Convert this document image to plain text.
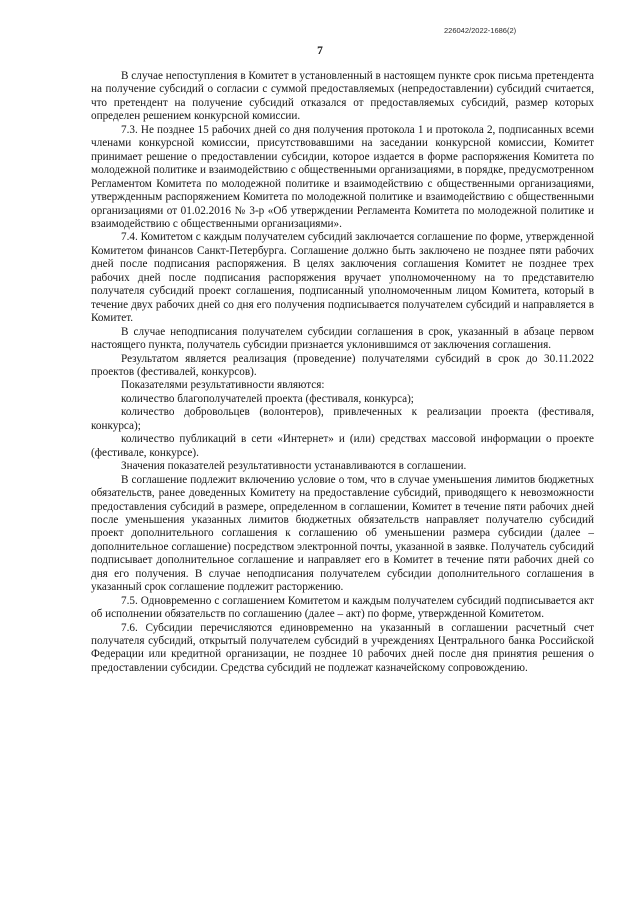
226042/2022-1686(2)
7

В случае непоступления в Комитет в установленный в настоящем пункте срок письма претендента на получение субсидий о согласии с суммой предоставляемых (непредоставлении) субсидий считается, что претендент на получение субсидий отказался от предоставляемых субсидий, размер которых определен решением конкурсной комиссии.

7.3. Не позднее 15 рабочих дней со дня получения протокола 1 и протокола 2, подписанных всеми членами конкурсной комиссии, присутствовавшими на заседании конкурсной комиссии, Комитет принимает решение о предоставлении субсидии, которое издается в форме распоряжения Комитета по молодежной политике и взаимодействию с общественными организациями, в порядке, предусмотренном Регламентом Комитета по молодежной политике и взаимодействию с общественными организациями, утвержденным распоряжением Комитета по молодежной политике и взаимодействию с общественными организациями от 01.02.2016 № 3-р «Об утверждении Регламента Комитета по молодежной политике и взаимодействию с общественными организациями».

7.4. Комитетом с каждым получателем субсидий заключается соглашение по форме, утвержденной Комитетом финансов Санкт-Петербурга. Соглашение должно быть заключено не позднее пяти рабочих дней после подписания распоряжения. В целях заключения соглашения Комитет не позднее трех рабочих дней после подписания распоряжения вручает уполномоченному на то представителю получателя субсидий проект соглашения, подписанный уполномоченным лицом Комитета, который в течение двух рабочих дней со дня его получения подписывается получателем субсидий и направляется в Комитет.

В случае неподписания получателем субсидии соглашения в срок, указанный в абзаце первом настоящего пункта, получатель субсидии признается уклонившимся от заключения соглашения.

Результатом является реализация (проведение) получателями субсидий в срок до 30.11.2022 проектов (фестивалей, конкурсов).

Показателями результативности являются:

количество благополучателей проекта (фестиваля, конкурса);

количество добровольцев (волонтеров), привлеченных к реализации проекта (фестиваля, конкурса);

количество публикаций в сети «Интернет» и (или) средствах массовой информации о проекте (фестивале, конкурсе).

Значения показателей результативности устанавливаются в соглашении.

В соглашение подлежит включению условие о том, что в случае уменьшения лимитов бюджетных обязательств, ранее доведенных Комитету на предоставление субсидий, приводящего к невозможности предоставления субсидий в размере, определенном в соглашении, Комитет в течение пяти рабочих дней после уменьшения указанных лимитов бюджетных обязательств направляет получателю субсидий проект дополнительного соглашения к соглашению об уменьшении размера субсидии (далее – дополнительное соглашение) посредством электронной почты, указанной в заявке. Получатель субсидий подписывает дополнительное соглашение и направляет его в Комитет в течение пяти рабочих дней со дня его получения. В случае неподписания получателем субсидии дополнительного соглашения в указанный срок соглашение подлежит расторжению.

7.5. Одновременно с соглашением Комитетом и каждым получателем субсидий подписывается акт об исполнении обязательств по соглашению (далее – акт) по форме, утвержденной Комитетом.

7.6. Субсидии перечисляются единовременно на указанный в соглашении расчетный счет получателя субсидий, открытый получателем субсидий в учреждениях Центрального банка Российской Федерации или кредитной организации, не позднее 10 рабочих дней после дня принятия решения о предоставлении субсидии. Средства субсидий не подлежат казначейскому сопровождению.
